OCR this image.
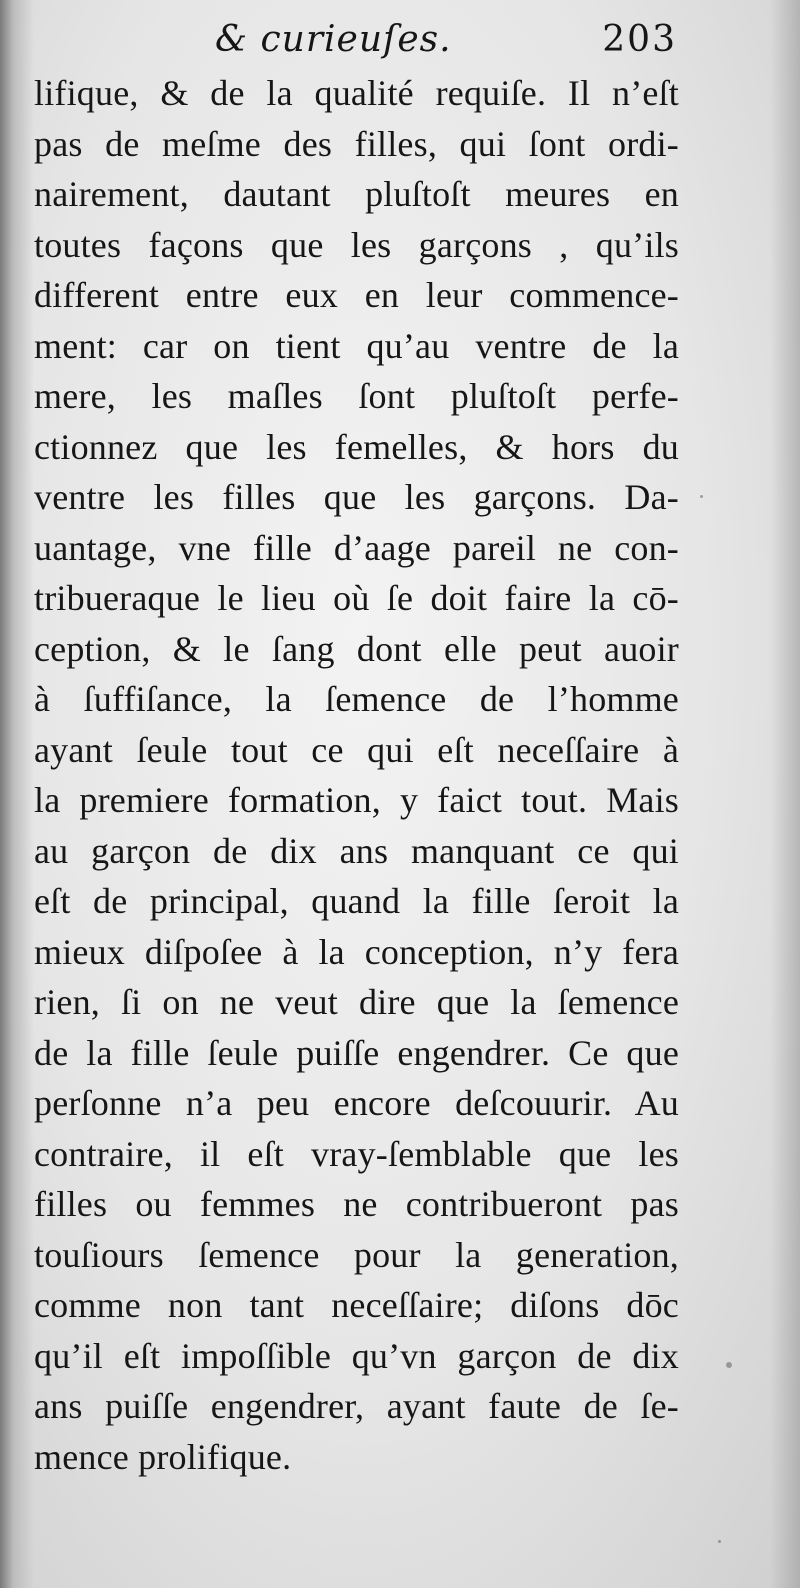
& curieuſes.	203
lifique, & de la qualité requiſe. Il n’eſt
pas de meſme des filles, qui ſont ordi-
nairement, dautant pluſtoſt meures en
toutes façons que les garçons , qu’ils
different entre eux en leur commence-
ment: car on tient qu’au ventre de la
mere, les maſles ſont pluſtoſt perfe-
ctionnez que les femelles, & hors du
ventre les filles que les garçons. Da-
uantage, vne fille d’aage pareil ne con-
tribueraque le lieu où ſe doit faire la cō-
ception, & le ſang dont elle peut auoir
à ſuffiſance, la ſemence de l’homme
ayant ſeule tout ce qui eſt neceſſaire à
la premiere formation, y faict tout. Mais
au garçon de dix ans manquant ce qui
eſt de principal, quand la fille ſeroit la
mieux diſpoſee à la conception, n’y fera
rien, ſi on ne veut dire que la ſemence
de la fille ſeule puiſſe engendrer. Ce que
perſonne n’a peu encore deſcouurir. Au
contraire, il eſt vray-ſemblable que les
filles ou femmes ne contribueront pas
touſiours ſemence pour la generation,
comme non tant neceſſaire; diſons dōc
qu’il eſt impoſſible qu’vn garçon de dix
ans puiſſe engendrer, ayant faute de ſe-
mence prolifique.
